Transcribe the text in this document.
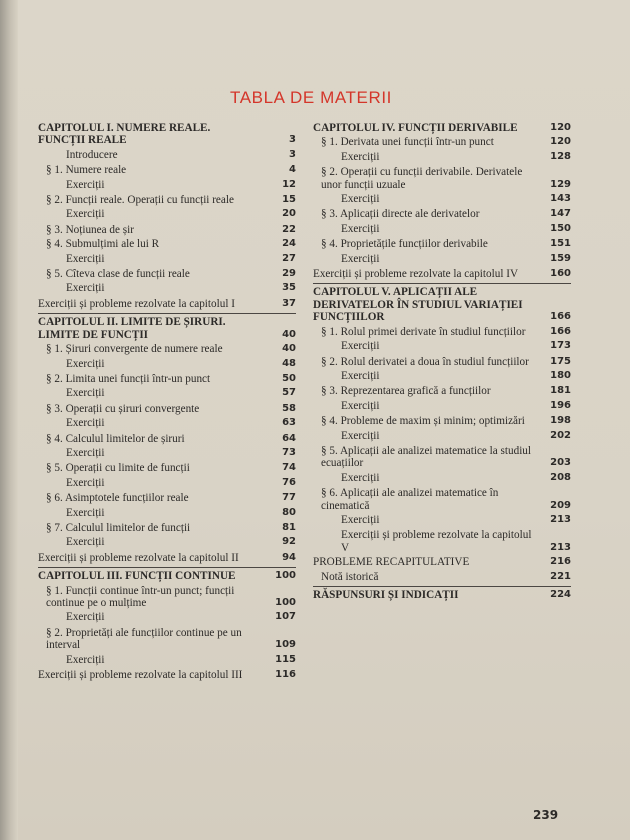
TABLA DE MATERII
CAPITOLUL I. NUMERE REALE.
FUNCȚII REALE	3
Introducere	3
§ 1. Numere reale	4
Exerciții	12
§ 2. Funcții reale. Operații cu funcții reale	15
Exerciții	20
§ 3. Noțiunea de șir	22
§ 4. Submulțimi ale lui R	24
Exerciții	27
§ 5. Cîteva clase de funcții reale	29
Exerciții	35
Exerciții și probleme rezolvate la capitolul I	37
CAPITOLUL II. LIMITE DE ȘIRURI.
LIMITE DE FUNCȚII	40
§ 1. Șiruri convergente de numere reale	40
Exerciții	48
§ 2. Limita unei funcții într-un punct	50
Exerciții	57
§ 3. Operații cu șiruri convergente	58
Exerciții	63
§ 4. Calculul limitelor de șiruri	64
Exerciții	73
§ 5. Operații cu limite de funcții	74
Exerciții	76
§ 6. Asimptotele funcțiilor reale	77
Exerciții	80
§ 7. Calculul limitelor de funcții	81
Exerciții	92
Exerciții și probleme rezolvate la capitolul II	94
CAPITOLUL III. FUNCȚII CONTINUE	100
§ 1. Funcții continue într-un punct; funcții continue pe o mulțime	100
Exerciții	107
§ 2. Proprietăți ale funcțiilor continue pe un interval	109
Exerciții	115
Exerciții și probleme rezolvate la capitolul III	116
CAPITOLUL IV. FUNCȚII DERIVABILE	120
§ 1. Derivata unei funcții într-un punct	120
Exerciții	128
§ 2. Operații cu funcții derivabile. Derivatele unor funcții uzuale	129
Exerciții	143
§ 3. Aplicații directe ale derivatelor	147
Exerciții	150
§ 4. Proprietățile funcțiilor derivabile	151
Exerciții	159
Exerciții și probleme rezolvate la capitolul IV	160
CAPITOLUL V. APLICAȚII ALE DERIVATELOR ÎN STUDIUL VARIAȚIEI FUNCȚIILOR	166
§ 1. Rolul primei derivate în studiul funcțiilor	166
Exerciții	173
§ 2. Rolul derivatei a doua în studiul funcțiilor	175
Exerciții	180
§ 3. Reprezentarea grafică a funcțiilor	181
Exerciții	196
§ 4. Probleme de maxim și minim; optimizări	198
Exerciții	202
§ 5. Aplicații ale analizei matematice la studiul ecuațiilor	203
Exerciții	208
§ 6. Aplicații ale analizei matematice în cinematică	209
Exerciții	213
Exerciții și probleme rezolvate la capitolul V	213
PROBLEME RECAPITULATIVE	216
Notă istorică	221
RĂSPUNSURI ȘI INDICAȚII	224
239
